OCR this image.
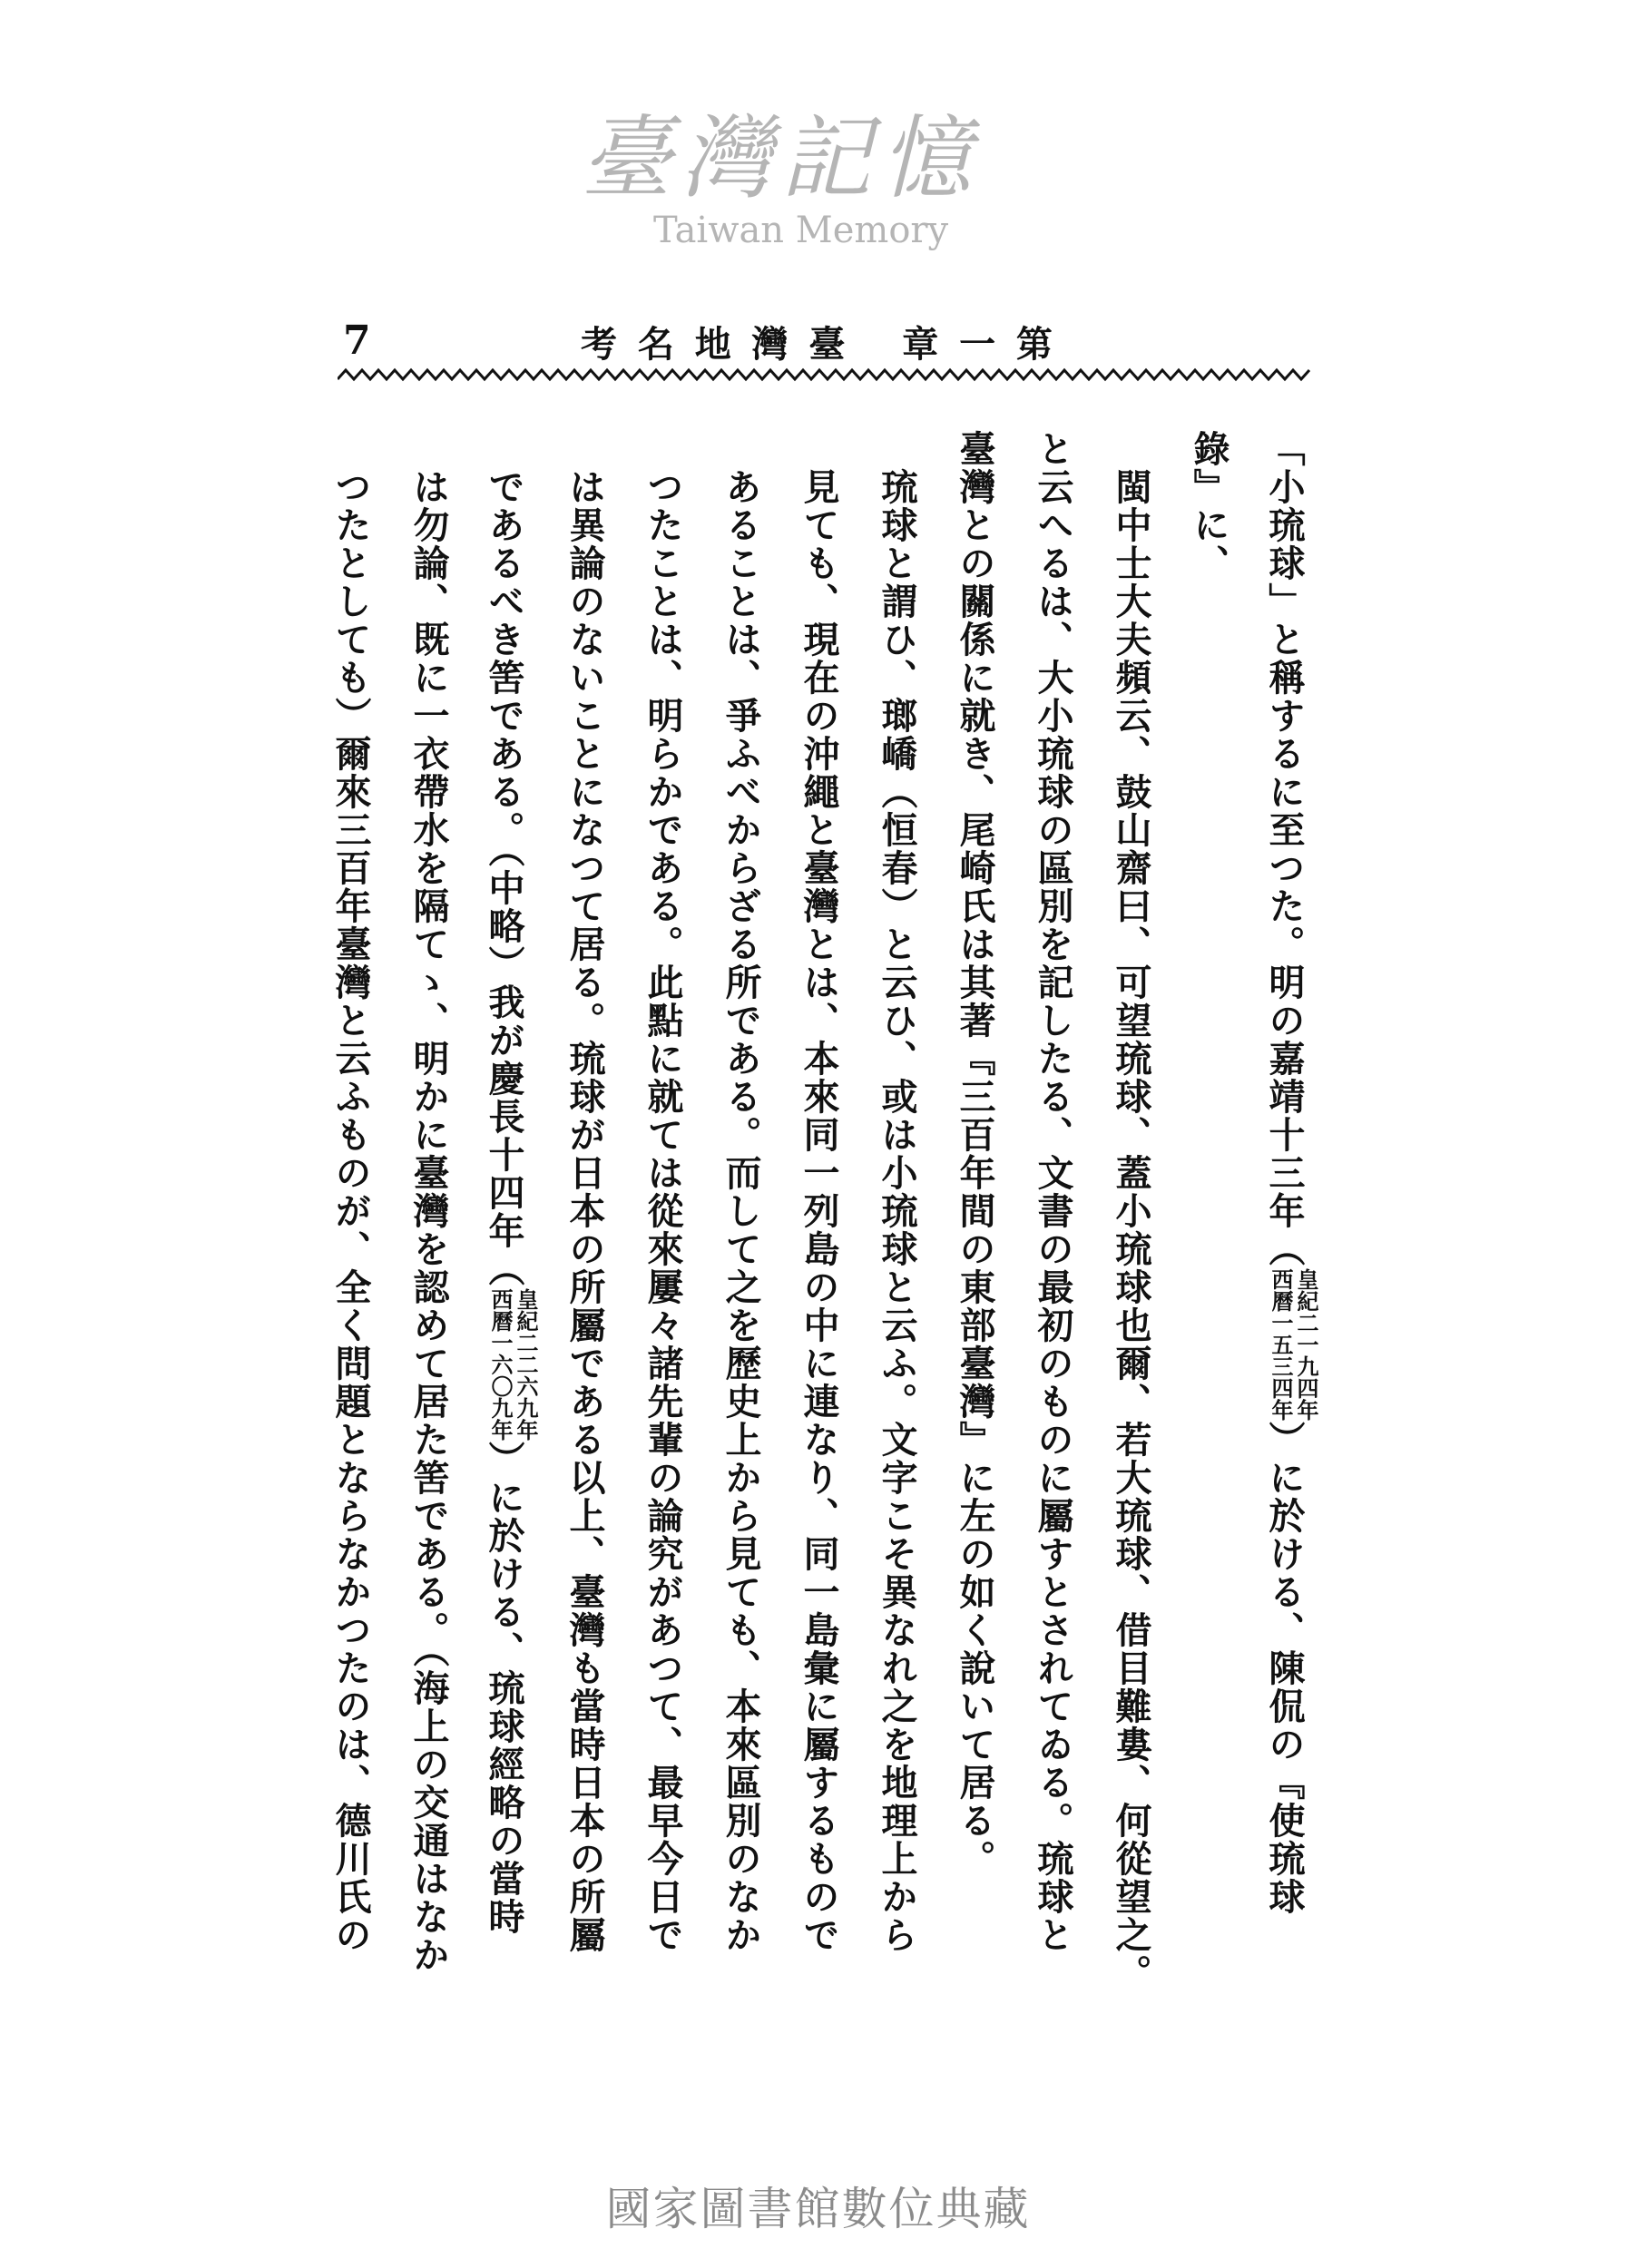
7	第
一
章
臺
灣
地
名
考
「小琉球」と稱するに至つた。明の嘉靖十三年（
皇紀二一九四年
西曆一五三四年
）に於ける、陳侃の『使琉球
錄』に、
閩中士大夫頻云、鼓山齋曰、可望琉球、蓋小琉球也爾、若大琉球、借目難婁、何從望之。
と云へるは、大小琉球の區別を記したる、文書の最初のものに屬すとされてゐる。琉球と
臺灣との關係に就き、尾崎氏は其著『三百年間の東部臺灣』に左の如く說いて居る。
琉球と謂ひ、瑯嶠（恒春）と云ひ、或は小琉球と云ふ。文字こそ異なれ之を地理上から
見ても、現在の沖繩と臺灣とは、本來同一列島の中に連なり、同一島彙に屬するもので
あることは、爭ふべからざる所である。而して之を歷史上から見ても、本來區別のなか
つたことは、明らかである。此點に就ては從來屢々諸先輩の論究があつて、最早今日で
は異論のないことになつて居る。琉球が日本の所屬である以上、臺灣も當時日本の所屬
であるべき筈である。（中略）我が慶長十四年（
皇紀二二六九年
西曆一六〇九年
）に於ける、琉球經略の當時
は勿論、既に一衣帶水を隔てゝ、明かに臺灣を認めて居た筈である。（海上の交通はなか
つたとしても）爾來三百年臺灣と云ふものが、全く問題とならなかつたのは、德川氏の
臺灣記憶
Taiwan Memory
國家圖書館數位典藏
